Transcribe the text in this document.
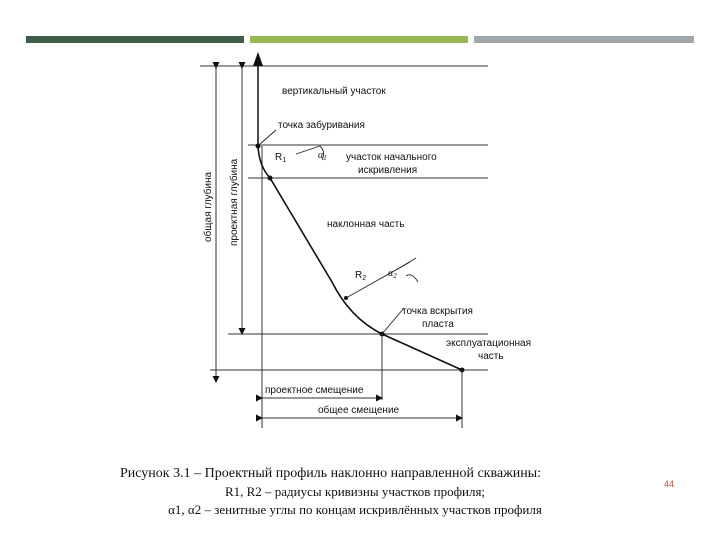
вертикальный участок
точка забуривания
$R_1$	$\alpha_1$ участок начального
искривления
наклонная часть
$R_2$ $\alpha_2$
точка вскрытия
пласта
эксплуатационная
часть
общая глубина проектная глубина
проектное смещение
общее смещение
Рисунок 3.1 – Проектный профиль наклонно направленной скважины:
R1, R2 – радиусы кривизны участков профиля;
α1, α2 – зенитные углы по концам искривлённых участков профиля
44
